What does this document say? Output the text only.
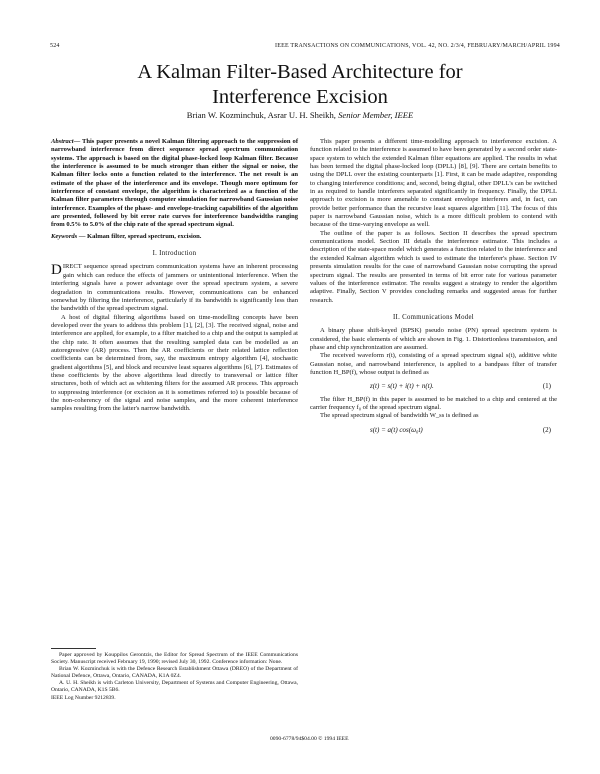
524	IEEE TRANSACTIONS ON COMMUNICATIONS, VOL. 42, NO. 2/3/4, FEBRUARY/MARCH/APRIL 1994
A Kalman Filter-Based Architecture for
Interference Excision
Brian W. Kozminchuk, Asrar U. H. Sheikh, Senior Member, IEEE

Abstract— This paper presents a novel Kalman filtering approach to the suppression of narrowband interference from direct sequence spread spectrum communication systems. The approach is based on the digital phase-locked loop Kalman filter. Because the interference is assumed to be much stronger than either the signal or noise, the Kalman filter locks onto a function related to the interference. The net result is an estimate of the phase of the interference and its envelope. Though more optimum for interference of constant envelope, the algorithm is characterized as a function of the Kalman filter parameters through computer simulation for narrowband Gaussian noise interference. Examples of the phase- and envelope-tracking capabilities of the algorithm are presented, followed by bit error rate curves for interference bandwidths ranging from 0.5% to 5.0% of the chip rate of the spread spectrum signal.

Keywords — Kalman filter, spread spectrum, excision.

I. Introduction

DIRECT sequence spread spectrum communication systems have an inherent processing gain which can reduce the effects of jammers or unintentional interference. When the interfering signals have a power advantage over the spread spectrum system, a severe degradation in communications results. However, communications can be enhanced somewhat by filtering the interference, particularly if its bandwidth is significantly less than the bandwidth of the spread spectrum signal.

A host of digital filtering algorithms based on time-modelling concepts have been developed over the years to address this problem [1], [2], [3]. The received signal, noise and interference are applied, for example, to a filter matched to a chip and the output is sampled at the chip rate. It often assumes that the resulting sampled data can be modelled as an autoregressive (AR) process. Then the AR coefficients or their related lattice reflection coefficients can be determined from, say, the maximum entropy algorithm [4], stochastic gradient algorithms [5], and block and recursive least squares algorithms [6], [7]. Estimates of these coefficients by the above algorithms lead directly to transversal or lattice filter structures, both of which act as whitening filters for the assumed AR process. This approach to suppressing interference (or excision as it is sometimes referred to) is possible because of the non-coherency of the signal and noise samples, and the more coherent interference samples resulting from the latter's narrow bandwidth.

This paper presents a different time-modelling approach to interference excision. A function related to the interference is assumed to have been generated by a second order state-space system to which the extended Kalman filter equations are applied. The results in what has been termed the digital phase-locked loop (DPLL) [8], [9]. There are certain benefits to using the DPLL over the existing counterparts [1]. First, it can be made adaptive, responding to changing interference conditions; and, second, being digital, other DPLL's can be switched in as required to handle interferers separated significantly in frequency. Finally, the DPLL approach to excision is more amenable to constant envelope interferers and, in fact, can provide better performance than the recursive least squares algorithm [11]. The focus of this paper is narrowband Gaussian noise, which is a more difficult problem to contend with because of the time-varying envelope as well.

The outline of the paper is as follows. Section II describes the spread spectrum communications model. Section III details the interference estimator. This includes a description of the state-space model which generates a function related to the interference and the extended Kalman algorithm which is used to estimate the interferer's phase. Section IV presents simulation results for the case of narrowband Gaussian noise corrupting the spread spectrum signal. The results are presented in terms of bit error rate for various parameter values of the interference estimator. The results suggest a strategy to render the algorithm adaptive. Finally, Section V provides concluding remarks and suggested areas for further research.

II. Communications Model

A binary phase shift-keyed (BPSK) pseudo noise (PN) spread spectrum system is considered, the basic elements of which are shown in Fig. 1. Distortionless transmission, and phase and chip synchronization are assumed.

The received waveform r(t), consisting of a spread spectrum signal s(t), additive white Gaussian noise, and narrowband interference, is applied to a bandpass filter of transfer function H_BP(f), whose output is defined as

z(t) = s(t) + i(t) + n(t).	(1)

The filter H_BP(f) in this paper is assumed to be matched to a chip and centered at the carrier frequency f₀ of the spread spectrum signal.

The spread spectrum signal of bandwidth W_ss is defined as

s(t) = a(t) cos(ω₀t)	(2)

Paper approved by Kouppilos Gerontzis, the Editor for Spread Spectrum of the IEEE Communications Society. Manuscript received February 19, 1990; revised July 30, 1992. Conference information: None.

Brian W. Kozminchuk is with the Defence Research Establishment Ottawa (DREO) of the Department of National Defence, Ottawa, Ontario, CANADA, K1A 0Z4.

A. U. H. Sheikh is with Carleton University, Department of Systems and Computer Engineering, Ottawa, Ontario, CANADA, K1S 5B6.

IEEE Log Number 9212839.

0090-6778/94$04.00 © 1994 IEEE
